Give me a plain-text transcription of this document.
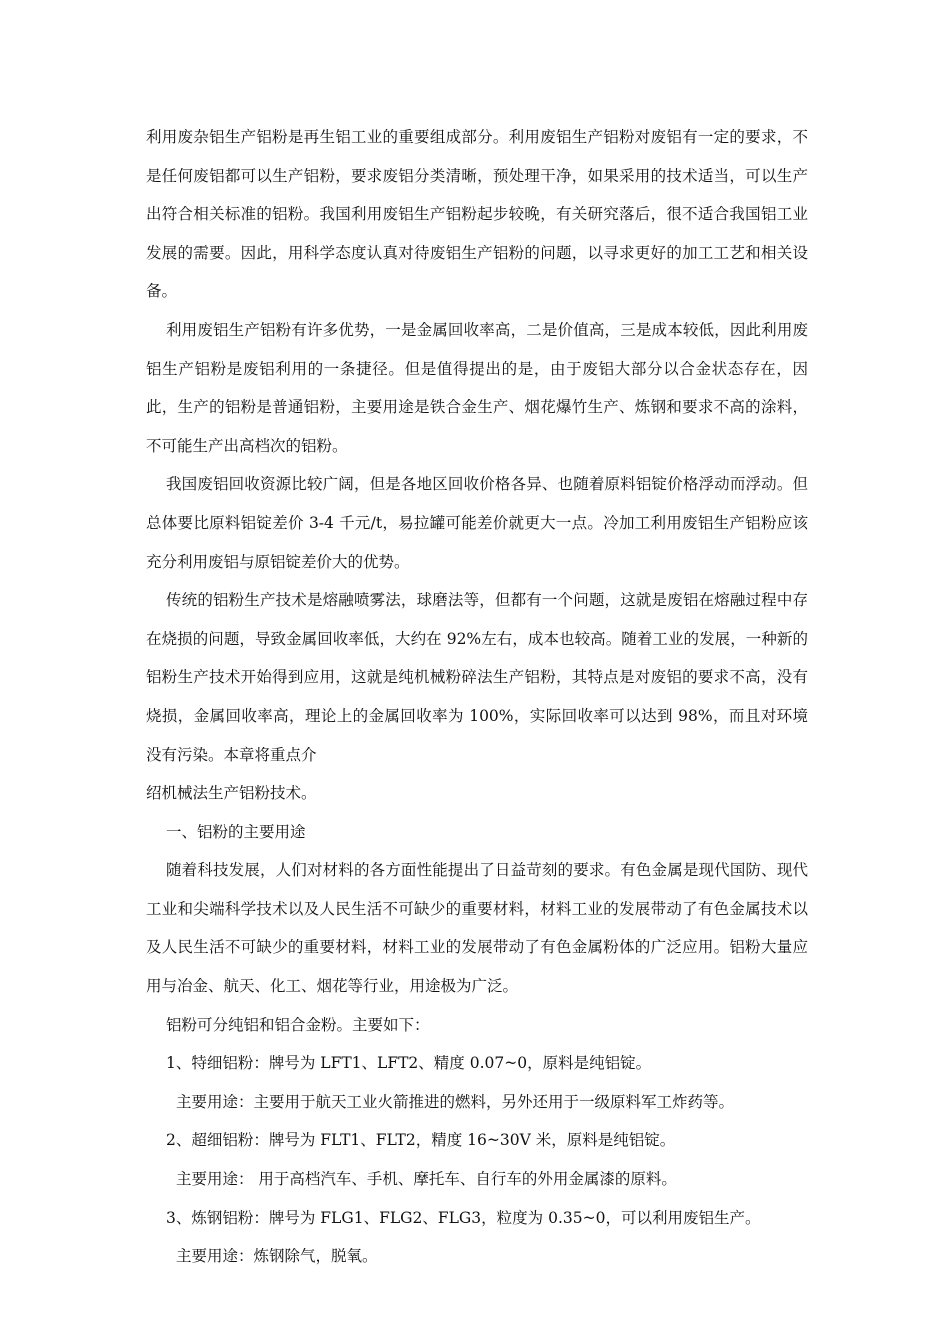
利用废杂铝生产铝粉是再生铝工业的重要组成部分。利用废铝生产铝粉对废铝有一定的要求，不是任何废铝都可以生产铝粉，要求废铝分类清晰，预处理干净，如果采用的技术适当，可以生产出符合相关标准的铝粉。我国利用废铝生产铝粉起步较晚，有关研究落后，很不适合我国铝工业发展的需要。因此，用科学态度认真对待废铝生产铝粉的问题，以寻求更好的加工工艺和相关设备。

利用废铝生产铝粉有许多优势，一是金属回收率高，二是价值高，三是成本较低，因此利用废铝生产铝粉是废铝利用的一条捷径。但是值得提出的是，由于废铝大部分以合金状态存在，因此，生产的铝粉是普通铝粉，主要用途是铁合金生产、烟花爆竹生产、炼钢和要求不高的涂料，不可能生产出高档次的铝粉。

我国废铝回收资源比较广阔，但是各地区回收价格各异、也随着原料铝锭价格浮动而浮动。但总体要比原料铝锭差价 3-4 千元/t，易拉罐可能差价就更大一点。冷加工利用废铝生产铝粉应该充分利用废铝与原铝锭差价大的优势。

传统的铝粉生产技术是熔融喷雾法，球磨法等，但都有一个问题，这就是废铝在熔融过程中存在烧损的问题，导致金属回收率低，大约在 92%左右，成本也较高。随着工业的发展，一种新的铝粉生产技术开始得到应用，这就是纯机械粉碎法生产铝粉，其特点是对废铝的要求不高，没有烧损，金属回收率高，理论上的金属回收率为 100%，实际回收率可以达到 98%，而且对环境没有污染。本章将重点介

绍机械法生产铝粉技术。

一、铝粉的主要用途

随着科技发展，人们对材料的各方面性能提出了日益苛刻的要求。有色金属是现代国防、现代工业和尖端科学技术以及人民生活不可缺少的重要材料，材料工业的发展带动了有色金属技术以及人民生活不可缺少的重要材料，材料工业的发展带动了有色金属粉体的广泛应用。铝粉大量应用与冶金、航天、化工、烟花等行业，用途极为广泛。

铝粉可分纯铝和铝合金粉。主要如下：

1、特细铝粉：牌号为 LFT1、LFT2、精度 0.07~0，原料是纯铝锭。

主要用途：主要用于航天工业火箭推进的燃料，另外还用于一级原料军工炸药等。

2、超细铝粉：牌号为 FLT1、FLT2，精度 16~30V 米，原料是纯铝锭。

主要用途： 用于高档汽车、手机、摩托车、自行车的外用金属漆的原料。

3、炼钢铝粉：牌号为 FLG1、FLG2、FLG3，粒度为 0.35~0，可以利用废铝生产。

主要用途：炼钢除气，脱氧。
